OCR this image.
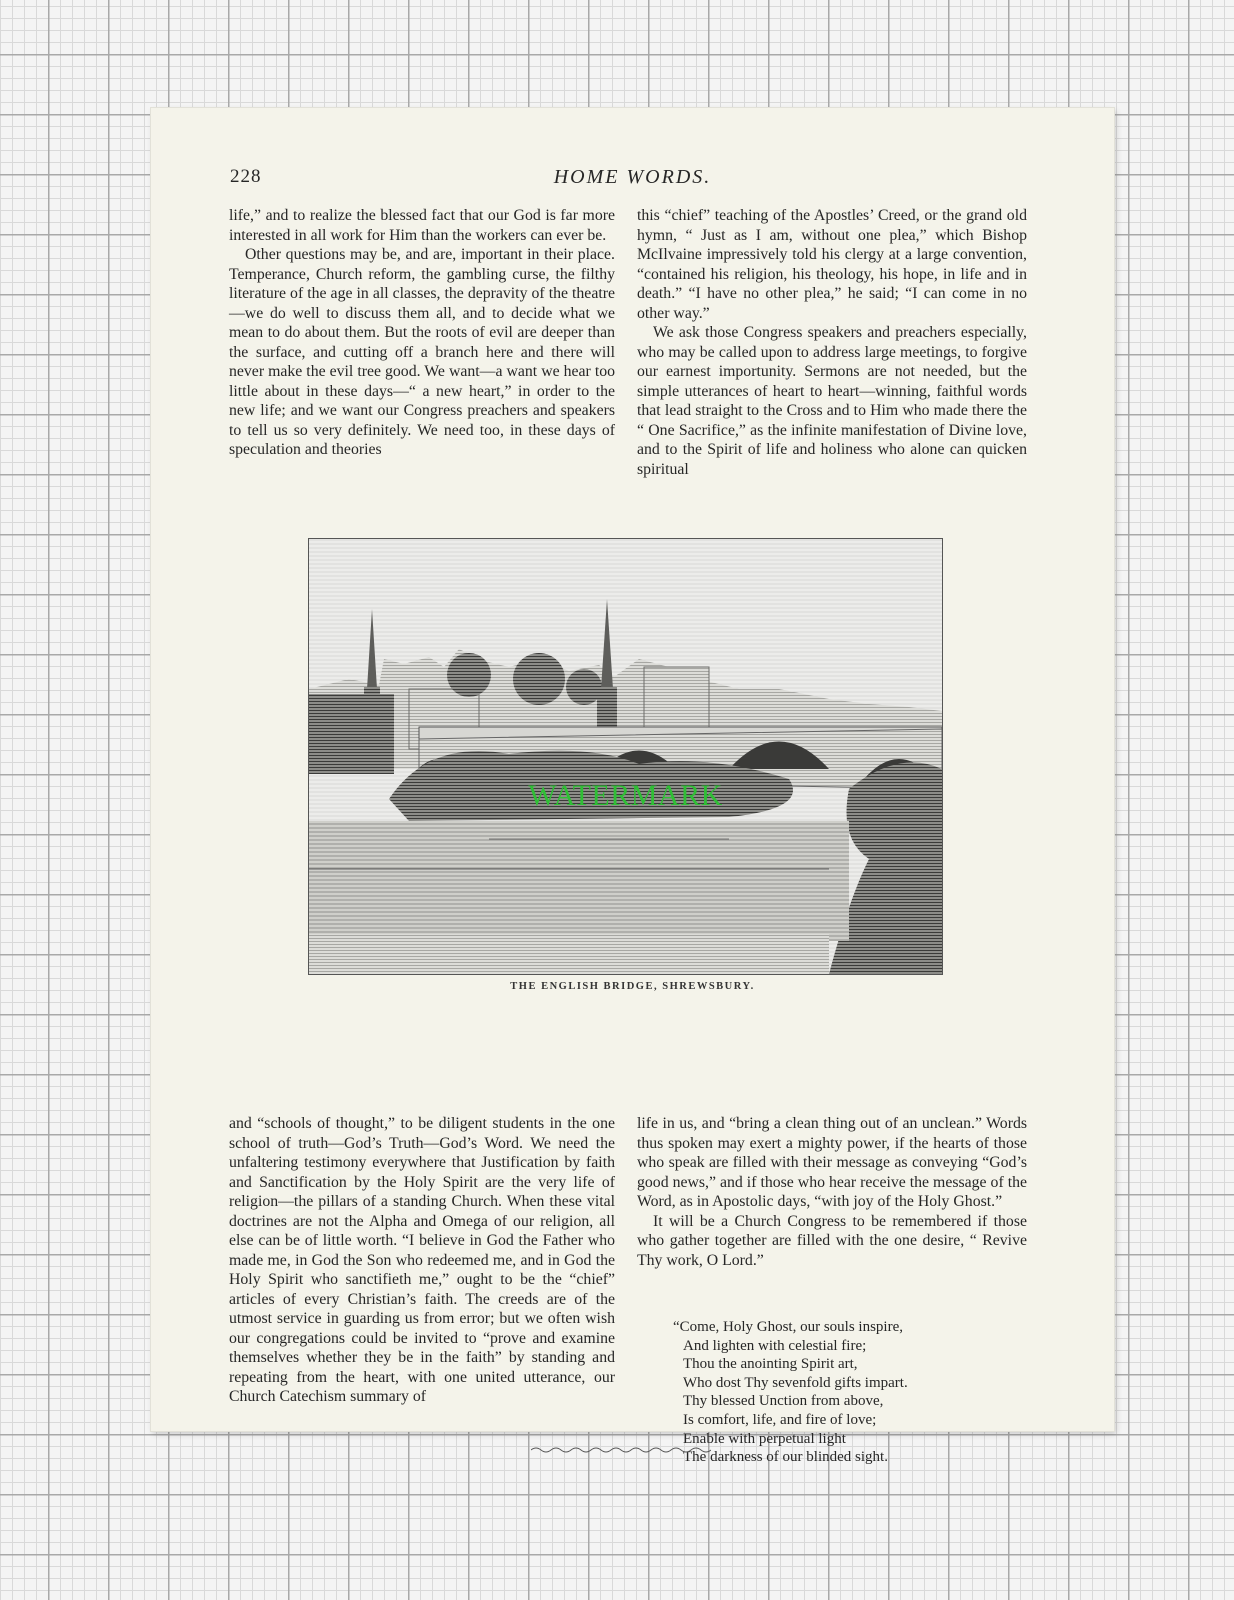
228	HOME WORDS.

life,” and to realize the blessed fact that our God is far more interested in all work for Him than the workers can ever be.

Other questions may be, and are, important in their place. Temperance, Church reform, the gambling curse, the filthy literature of the age in all classes, the depravity of the theatre—we do well to discuss them all, and to decide what we mean to do about them. But the roots of evil are deeper than the surface, and cutting off a branch here and there will never make the evil tree good. We want—a want we hear too little about in these days—“ a new heart,” in order to the new life; and we want our Congress preachers and speakers to tell us so very definitely. We need too, in these days of speculation and theories

this “chief” teaching of the Apostles’ Creed, or the grand old hymn, “ Just as I am, without one plea,” which Bishop McIlvaine impressively told his clergy at a large convention, “contained his religion, his theology, his hope, in life and in death.” “I have no other plea,” he said; “I can come in no other way.”

We ask those Congress speakers and preachers especially, who may be called upon to address large meetings, to forgive our earnest importunity. Sermons are not needed, but the simple utterances of heart to heart—winning, faithful words that lead straight to the Cross and to Him who made there the “ One Sacrifice,” as the infinite manifestation of Divine love, and to the Spirit of life and holiness who alone can quicken spiritual

WATERMARK
THE ENGLISH BRIDGE, SHREWSBURY.

and “schools of thought,” to be diligent students in the one school of truth—God’s Truth—God’s Word. We need the unfaltering testimony everywhere that Justification by faith and Sanctification by the Holy Spirit are the very life of religion—the pillars of a standing Church. When these vital doctrines are not the Alpha and Omega of our religion, all else can be of little worth. “I believe in God the Father who made me, in God the Son who redeemed me, and in God the Holy Spirit who sanctifieth me,” ought to be the “chief” articles of every Christian’s faith. The creeds are of the utmost service in guarding us from error; but we often wish our congregations could be invited to “prove and examine themselves whether they be in the faith” by standing and repeating from the heart, with one united utterance, our Church Catechism summary of

life in us, and “bring a clean thing out of an unclean.” Words thus spoken may exert a mighty power, if the hearts of those who speak are filled with their message as conveying “God’s good news,” and if those who hear receive the message of the Word, as in Apostolic days, “with joy of the Holy Ghost.”

It will be a Church Congress to be remembered if those who gather together are filled with the one desire, “ Revive Thy work, O Lord.”

“Come, Holy Ghost, our souls inspire,
And lighten with celestial fire;
Thou the anointing Spirit art,
Who dost Thy sevenfold gifts impart.
Thy blessed Unction from above,
Is comfort, life, and fire of love;
Enable with perpetual light
The darkness of our blinded sight.
